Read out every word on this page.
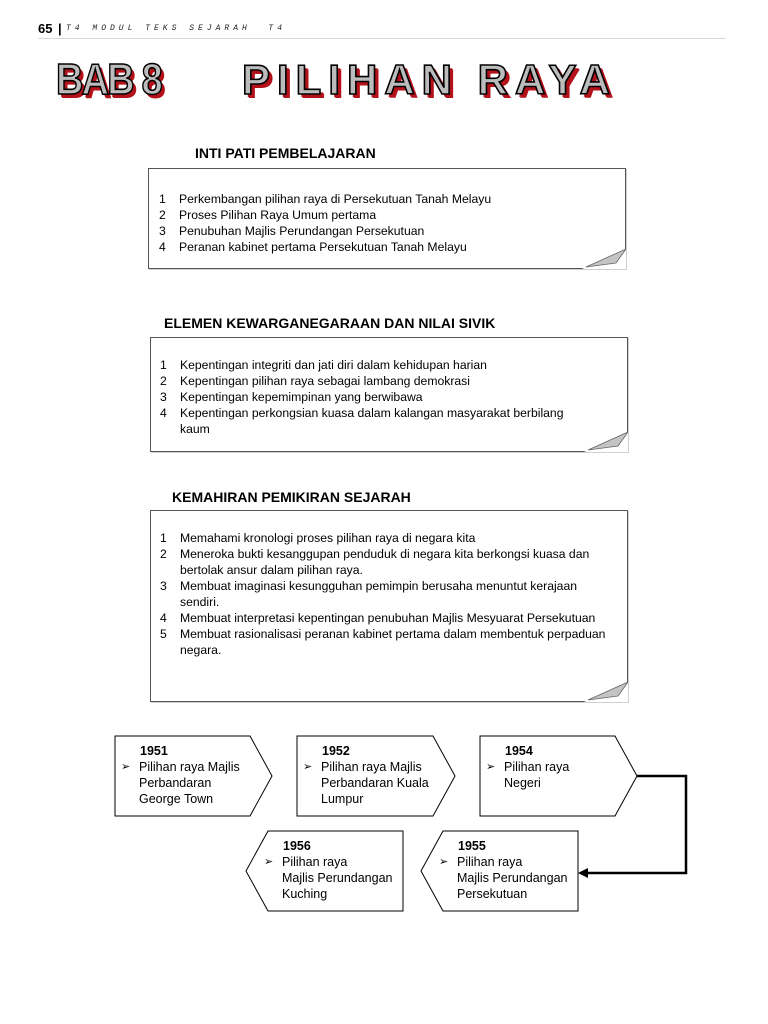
65 | T4 MODUL TEKS SEJARAH  T4
BAB 8 PILIHAN RAYA
INTI PATI PEMBELAJARAN
1 Perkembangan pilihan raya di Persekutuan Tanah Melayu
2 Proses Pilihan Raya Umum pertama
3 Penubuhan Majlis Perundangan Persekutuan
4 Peranan kabinet pertama Persekutuan Tanah Melayu
ELEMEN KEWARGANEGARAAN DAN NILAI SIVIK
1 Kepentingan integriti dan jati diri dalam kehidupan harian
2 Kepentingan pilihan raya sebagai lambang demokrasi
3 Kepentingan kepemimpinan yang berwibawa
4 Kepentingan perkongsian kuasa dalam kalangan masyarakat berbilang kaum
KEMAHIRAN PEMIKIRAN SEJARAH
1 Memahami kronologi proses pilihan raya di negara kita
2 Meneroka bukti kesanggupan penduduk di negara kita berkongsi kuasa dan bertolak ansur dalam pilihan raya.
3 Membuat imaginasi kesungguhan pemimpin berusaha menuntut kerajaan sendiri.
4 Membuat interpretasi kepentingan penubuhan Majlis Mesyuarat Persekutuan
5 Membuat rasionalisasi peranan kabinet pertama dalam membentuk perpaduan negara.
1951
➢ Pilihan raya Majlis
Perbandaran
George Town
1952
➢ Pilihan raya Majlis
Perbandaran Kuala
Lumpur
1954
➢ Pilihan raya
Negeri
1956
➢ Pilihan raya
Majlis Perundangan
Kuching
1955
➢ Pilihan raya
Majlis Perundangan
Persekutuan
